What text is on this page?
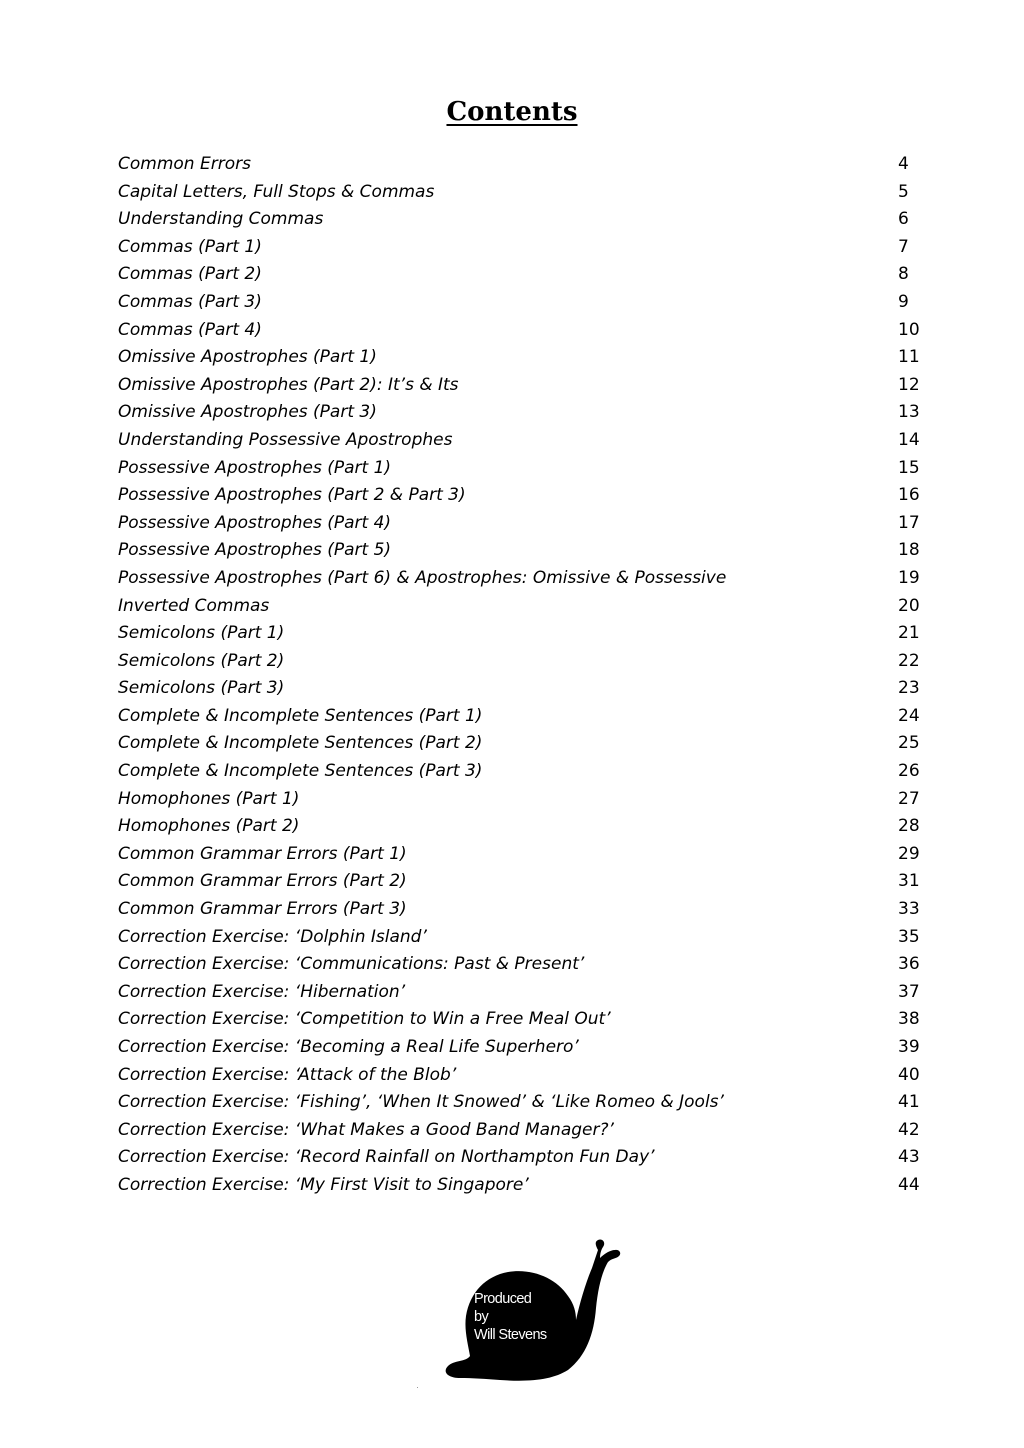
Contents
Common Errors	4
Capital Letters, Full Stops & Commas	5
Understanding Commas	6
Commas (Part 1)	7
Commas (Part 2)	8
Commas (Part 3)	9
Commas (Part 4)	10
Omissive Apostrophes (Part 1)	11
Omissive Apostrophes (Part 2): It’s & Its	12
Omissive Apostrophes (Part 3)	13
Understanding Possessive Apostrophes	14
Possessive Apostrophes (Part 1)	15
Possessive Apostrophes (Part 2 & Part 3)	16
Possessive Apostrophes (Part 4)	17
Possessive Apostrophes (Part 5)	18
Possessive Apostrophes (Part 6) & Apostrophes: Omissive & Possessive	19
Inverted Commas	20
Semicolons (Part 1)	21
Semicolons (Part 2)	22
Semicolons (Part 3)	23
Complete & Incomplete Sentences (Part 1)	24
Complete & Incomplete Sentences (Part 2)	25
Complete & Incomplete Sentences (Part 3)	26
Homophones (Part 1)	27
Homophones (Part 2)	28
Common Grammar Errors (Part 1)	29
Common Grammar Errors (Part 2)	31
Common Grammar Errors (Part 3)	33
Correction Exercise: ‘Dolphin Island’	35
Correction Exercise: ‘Communications: Past & Present’	36
Correction Exercise: ‘Hibernation’	37
Correction Exercise: ‘Competition to Win a Free Meal Out’	38
Correction Exercise: ‘Becoming a Real Life Superhero’	39
Correction Exercise: ‘Attack of the Blob’	40
Correction Exercise: ‘Fishing’, ‘When It Snowed’ & ‘Like Romeo & Jools’	41
Correction Exercise: ‘What Makes a Good Band Manager?’	42
Correction Exercise: ‘Record Rainfall on Northampton Fun Day’	43
Correction Exercise: ‘My First Visit to Singapore’	44
Produced
by
Will Stevens
